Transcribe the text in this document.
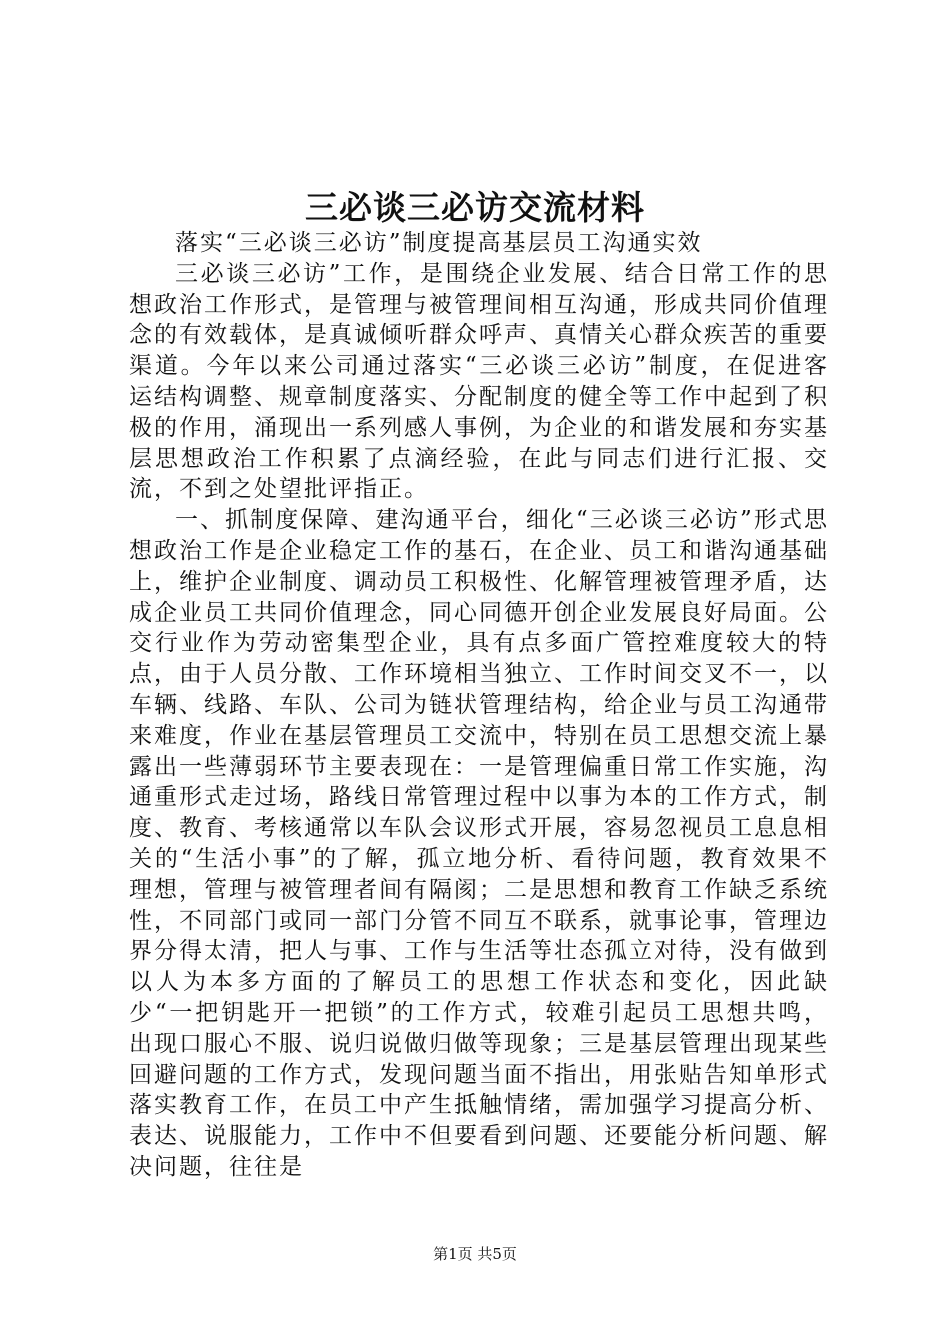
三必谈三必访交流材料

落实“三必谈三必访”制度提高基层员工沟通实效

三必谈三必访”工作，是围绕企业发展、结合日常工作的思想政治工作形式，是管理与被管理间相互沟通，形成共同价值理念的有效载体，是真诚倾听群众呼声、真情关心群众疾苦的重要渠道。今年以来公司通过落实“三必谈三必访”制度，在促进客运结构调整、规章制度落实、分配制度的健全等工作中起到了积极的作用，涌现出一系列感人事例，为企业的和谐发展和夯实基层思想政治工作积累了点滴经验，在此与同志们进行汇报、交流，不到之处望批评指正。

一、抓制度保障、建沟通平台，细化“三必谈三必访”形式思想政治工作是企业稳定工作的基石，在企业、员工和谐沟通基础上，维护企业制度、调动员工积极性、化解管理被管理矛盾，达成企业员工共同价值理念，同心同德开创企业发展良好局面。公交行业作为劳动密集型企业，具有点多面广管控难度较大的特点，由于人员分散、工作环境相当独立、工作时间交叉不一，以车辆、线路、车队、公司为链状管理结构，给企业与员工沟通带来难度，作业在基层管理员工交流中，特别在员工思想交流上暴露出一些薄弱环节主要表现在：一是管理偏重日常工作实施，沟通重形式走过场，路线日常管理过程中以事为本的工作方式，制度、教育、考核通常以车队会议形式开展，容易忽视员工息息相关的“生活小事”的了解，孤立地分析、看待问题，教育效果不理想，管理与被管理者间有隔阂；二是思想和教育工作缺乏系统性，不同部门或同一部门分管不同互不联系，就事论事，管理边界分得太清，把人与事、工作与生活等壮态孤立对待，没有做到以人为本多方面的了解员工的思想工作状态和变化，因此缺少“一把钥匙开一把锁”的工作方式，较难引起员工思想共鸣，出现口服心不服、说归说做归做等现象；三是基层管理出现某些回避问题的工作方式，发现问题当面不指出，用张贴告知单形式落实教育工作，在员工中产生抵触情绪，需加强学习提高分析、表达、说服能力，工作中不但要看到问题、还要能分析问题、解决问题，往往是

第1页 共5页
